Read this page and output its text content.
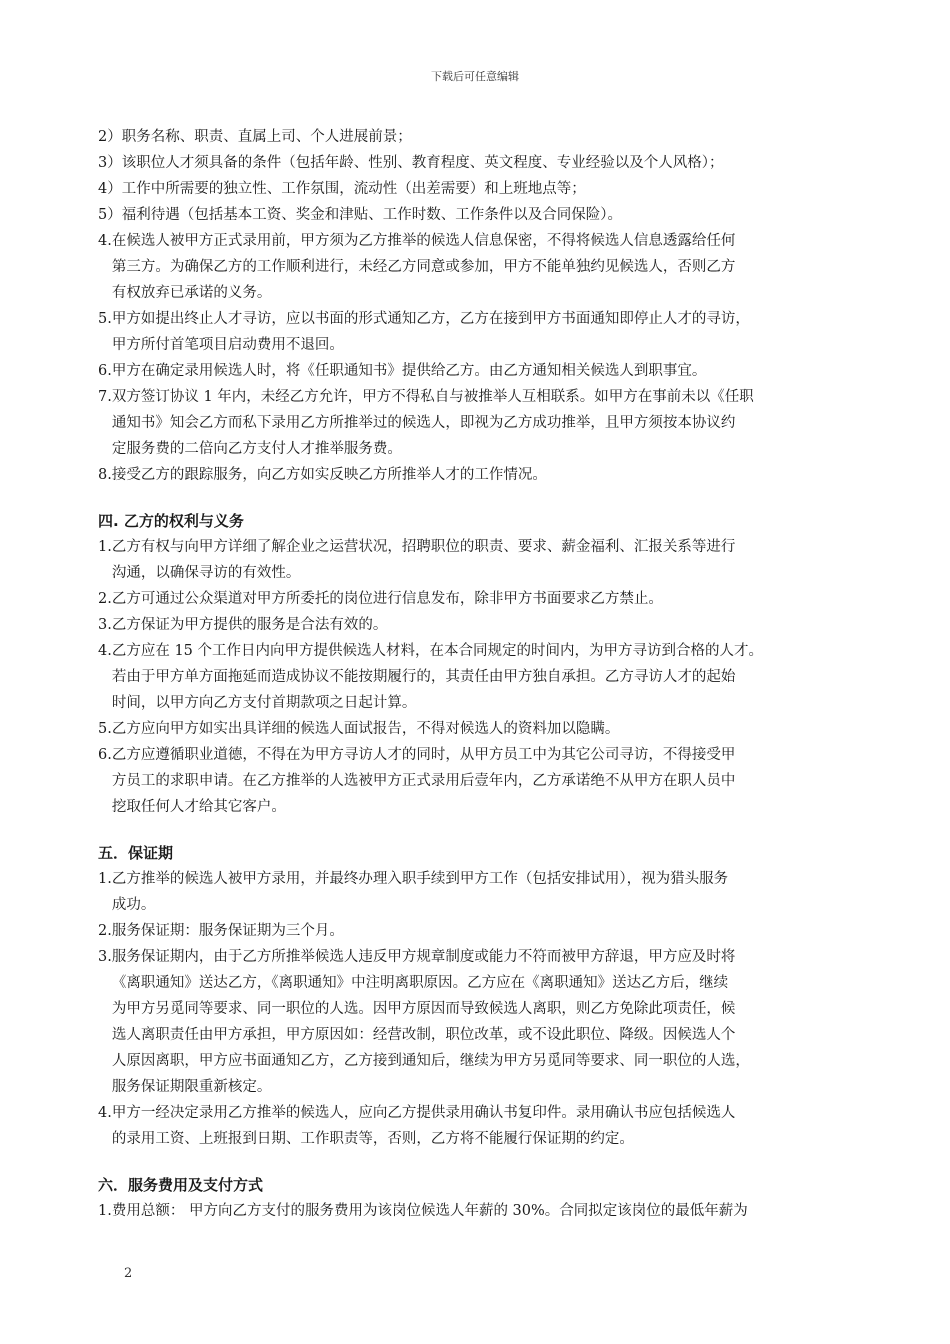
下载后可任意编辑
2）职务名称、职责、直属上司、个人进展前景；
3）该职位人才须具备的条件（包括年龄、性别、教育程度、英文程度、专业经验以及个人风格）；
4）工作中所需要的独立性、工作氛围，流动性（出差需要）和上班地点等；
5）福利待遇（包括基本工资、奖金和津贴、工作时数、工作条件以及合同保险）。
4. 在候选人被甲方正式录用前，甲方须为乙方推举的候选人信息保密，不得将候选人信息透露给任何
第三方。为确保乙方的工作顺利进行，未经乙方同意或参加，甲方不能单独约见候选人，否则乙方
有权放弃已承诺的义务。
5. 甲方如提出终止人才寻访，应以书面的形式通知乙方，乙方在接到甲方书面通知即停止人才的寻访，
甲方所付首笔项目启动费用不退回。
6. 甲方在确定录用候选人时，将《任职通知书》提供给乙方。由乙方通知相关候选人到职事宜。
7. 双方签订协议 1 年内，未经乙方允许，甲方不得私自与被推举人互相联系。如甲方在事前未以《任职
通知书》知会乙方而私下录用乙方所推举过的候选人，即视为乙方成功推举，且甲方须按本协议约
定服务费的二倍向乙方支付人才推举服务费。
8. 接受乙方的跟踪服务，向乙方如实反映乙方所推举人才的工作情况。
四. 乙方的权利与义务
1. 乙方有权与向甲方详细了解企业之运营状况，招聘职位的职责、要求、薪金福利、汇报关系等进行
沟通，以确保寻访的有效性。
2. 乙方可通过公众渠道对甲方所委托的岗位进行信息发布，除非甲方书面要求乙方禁止。
3. 乙方保证为甲方提供的服务是合法有效的。
4. 乙方应在 15 个工作日内向甲方提供候选人材料，在本合同规定的时间内，为甲方寻访到合格的人才。
若由于甲方单方面拖延而造成协议不能按期履行的，其责任由甲方独自承担。乙方寻访人才的起始
时间，以甲方向乙方支付首期款项之日起计算。
5. 乙方应向甲方如实出具详细的候选人面试报告，不得对候选人的资料加以隐瞒。
6. 乙方应遵循职业道德，不得在为甲方寻访人才的同时，从甲方员工中为其它公司寻访，不得接受甲
方员工的求职申请。在乙方推举的人选被甲方正式录用后壹年内，乙方承诺绝不从甲方在职人员中
挖取任何人才给其它客户。
五．保证期
1. 乙方推举的候选人被甲方录用，并最终办理入职手续到甲方工作（包括安排试用），视为猎头服务
成功。
2. 服务保证期：服务保证期为三个月。
3. 服务保证期内，由于乙方所推举候选人违反甲方规章制度或能力不符而被甲方辞退，甲方应及时将
《离职通知》送达乙方，《离职通知》中注明离职原因。乙方应在《离职通知》送达乙方后，继续
为甲方另觅同等要求、同一职位的人选。因甲方原因而导致候选人离职，则乙方免除此项责任，候
选人离职责任由甲方承担，甲方原因如：经营改制，职位改革，或不设此职位、降级。因候选人个
人原因离职，甲方应书面通知乙方，乙方接到通知后，继续为甲方另觅同等要求、同一职位的人选，
服务保证期限重新核定。
4. 甲方一经决定录用乙方推举的候选人，应向乙方提供录用确认书复印件。录用确认书应包括候选人
的录用工资、上班报到日期、工作职责等，否则，乙方将不能履行保证期的约定。
六．服务费用及支付方式
1. 费用总额： 甲方向乙方支付的服务费用为该岗位候选人年薪的 30%。合同拟定该岗位的最低年薪为
2
